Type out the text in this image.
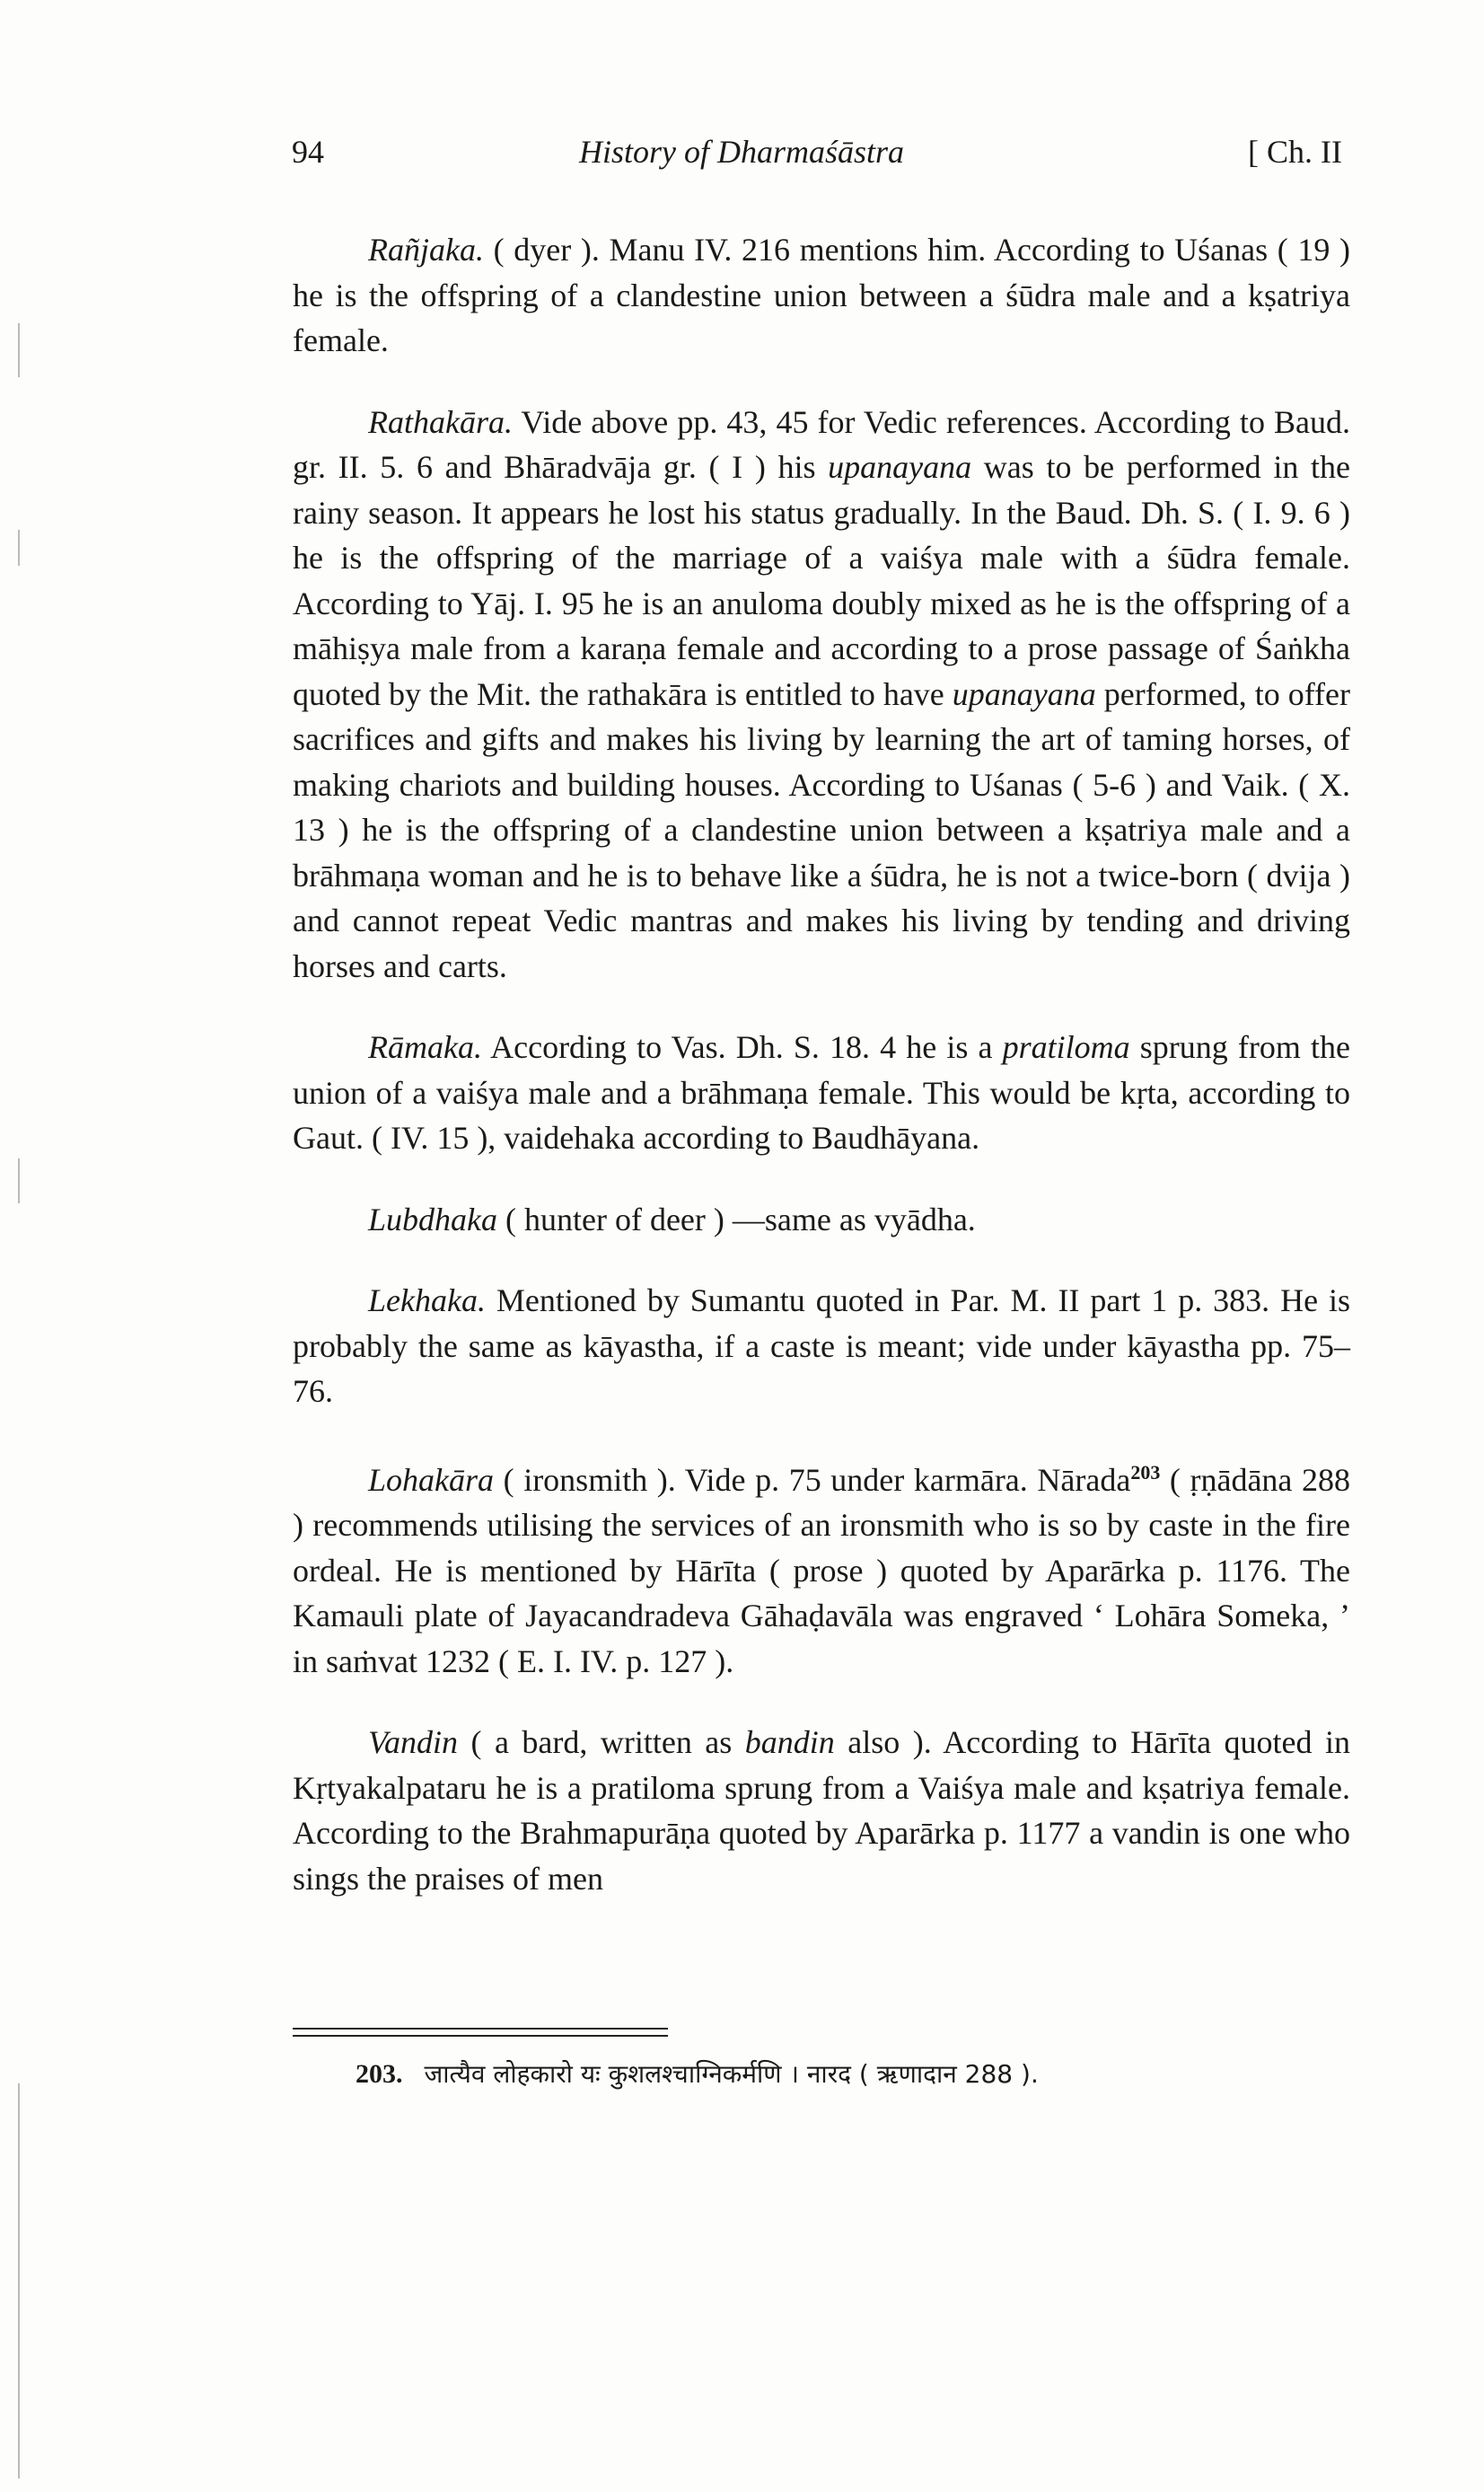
94	History of Dharmaśāstra	[ Ch. II

Rañjaka. ( dyer ). Manu IV. 216 mentions him. According to Uśanas ( 19 ) he is the offspring of a clandestine union between a śūdra male and a kṣatriya female.

Rathakāra. Vide above pp. 43, 45 for Vedic references. According to Baud. gr. II. 5. 6 and Bhāradvāja gr. ( I ) his upanayana was to be performed in the rainy season. It appears he lost his status gradually. In the Baud. Dh. S. ( I. 9. 6 ) he is the offspring of the marriage of a vaiśya male with a śūdra female. According to Yāj. I. 95 he is an anuloma doubly mixed as he is the offspring of a māhiṣya male from a karaṇa female and according to a prose passage of Śaṅkha quoted by the Mit. the rathakāra is entitled to have upanayana performed, to offer sacrifices and gifts and makes his living by learning the art of taming horses, of making chariots and building houses. According to Uśanas ( 5-6 ) and Vaik. ( X. 13 ) he is the offspring of a clandestine union between a kṣatriya male and a brāhmaṇa woman and he is to behave like a śūdra, he is not a twice-born ( dvija ) and cannot repeat Vedic mantras and makes his living by tending and driving horses and carts.

Rāmaka. According to Vas. Dh. S. 18. 4 he is a pratiloma sprung from the union of a vaiśya male and a brāhmaṇa female. This would be kṛta, according to Gaut. ( IV. 15 ), vaidehaka according to Baudhāyana.

Lubdhaka ( hunter of deer ) —same as vyādha.

Lekhaka. Mentioned by Sumantu quoted in Par. M. II part 1 p. 383. He is probably the same as kāyastha, if a caste is meant; vide under kāyastha pp. 75–76.

Lohakāra ( ironsmith ). Vide p. 75 under karmāra. Nārada$^{203}$ ( ṛṇādāna 288 ) recommends utilising the services of an ironsmith who is so by caste in the fire ordeal. He is mentioned by Hārīta ( prose ) quoted by Aparārka p. 1176. The Kamauli plate of Jayacandradeva Gāhaḍavāla was engraved ‘ Lohāra Someka, ’ in saṁvat 1232 ( E. I. IV. p. 127 ).

Vandin ( a bard, written as bandin also ). According to Hārīta quoted in Kṛtyakalpataru he is a pratiloma sprung from a Vaiśya male and kṣatriya female. According to the Brahmapurāṇa quoted by Aparārka p. 1177 a vandin is one who sings the praises of men

203. जात्यैव लोहकारो यः कुशलश्चाग्निकर्मणि । नारद ( ऋणादान 288 ).
